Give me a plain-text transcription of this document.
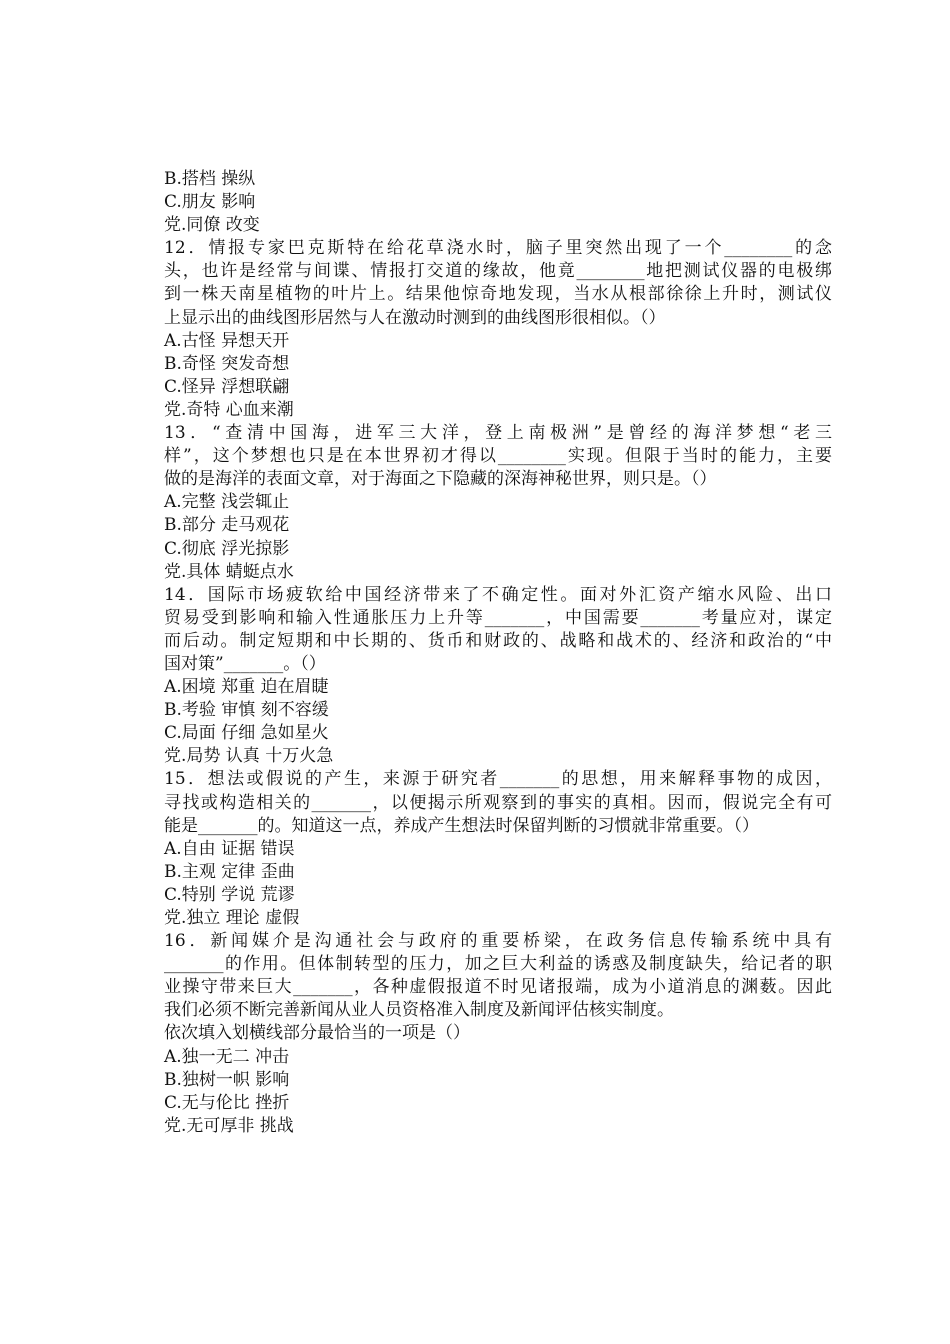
B.搭档 操纵

C.朋友 影响

党.同僚 改变

12．情报专家巴克斯特在给花草浇水时，脑子里突然出现了一个________的念

头，也许是经常与间谍、情报打交道的缘故，他竟________地把测试仪器的电极绑

到一株天南星植物的叶片上。结果他惊奇地发现，当水从根部徐徐上升时，测试仪

上显示出的曲线图形居然与人在激动时测到的曲线图形很相似。（）

A.古怪 异想天开

B.奇怪 突发奇想

C.怪异 浮想联翩

党.奇特 心血来潮

13．“查清中国海，进军三大洋，登上南极洲”是曾经的海洋梦想“老三

样”，这个梦想也只是在本世界初才得以________实现。但限于当时的能力，主要

做的是海洋的表面文章，对于海面之下隐藏的深海神秘世界，则只是。（）

A.完整 浅尝辄止

B.部分 走马观花

C.彻底 浮光掠影

党.具体 蜻蜓点水

14．国际市场疲软给中国经济带来了不确定性。面对外汇资产缩水风险、出口

贸易受到影响和输入性通胀压力上升等_______，中国需要_______考量应对，谋定

而后动。制定短期和中长期的、货币和财政的、战略和战术的、经济和政治的“中

国对策”_______。（）

A.困境 郑重 迫在眉睫

B.考验 审慎 刻不容缓

C.局面 仔细 急如星火

党.局势 认真 十万火急

15．想法或假说的产生，来源于研究者_______的思想，用来解释事物的成因，

寻找或构造相关的_______，以便揭示所观察到的事实的真相。因而，假说完全有可

能是_______的。知道这一点，养成产生想法时保留判断的习惯就非常重要。（）

A.自由 证据 错误

B.主观 定律 歪曲

C.特别 学说 荒谬

党.独立 理论 虚假

16．新闻媒介是沟通社会与政府的重要桥梁，在政务信息传输系统中具有

_______的作用。但体制转型的压力，加之巨大利益的诱惑及制度缺失，给记者的职

业操守带来巨大_______，各种虚假报道不时见诸报端，成为小道消息的渊薮。因此

我们必须不断完善新闻从业人员资格准入制度及新闻评估核实制度。

依次填入划横线部分最恰当的一项是（）

A.独一无二 冲击

B.独树一帜 影响

C.无与伦比 挫折

党.无可厚非 挑战
